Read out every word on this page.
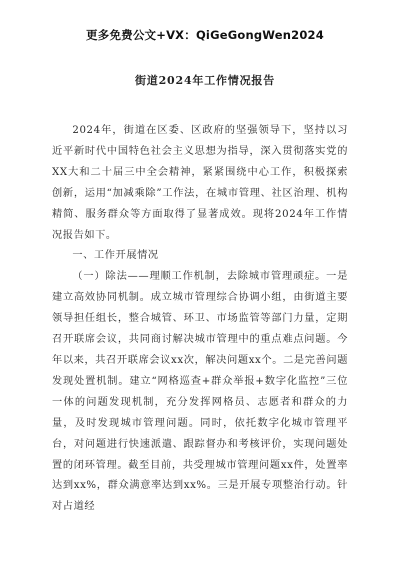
更多免费公文+VX：QiGeGongWen2024
街道2024年工作情况报告

2024年，街道在区委、区政府的坚强领导下，坚持以习近平新时代中国特色社会主义思想为指导，深入贯彻落实党的XX大和二十届三中全会精神，紧紧围绕中心工作，积极探索创新，运用“加减乘除”工作法，在城市管理、社区治理、机构精简、服务群众等方面取得了显著成效。现将2024年工作情况报告如下。

一、工作开展情况

（一）除法——理顺工作机制，去除城市管理顽症。一是建立高效协同机制。成立城市管理综合协调小组，由街道主要领导担任组长，整合城管、环卫、市场监管等部门力量，定期召开联席会议，共同商讨解决城市管理中的重点难点问题。今年以来，共召开联席会议xx次，解决问题xx个。二是完善问题发现处置机制。建立“网格巡查+群众举报+数字化监控”三位一体的问题发现机制，充分发挥网格员、志愿者和群众的力量，及时发现城市管理问题。同时，依托数字化城市管理平台，对问题进行快速派遣、跟踪督办和考核评价，实现问题处置的闭环管理。截至目前，共受理城市管理问题xx件，处置率达到xx%，群众满意率达到xx%。三是开展专项整治行动。针对占道经
